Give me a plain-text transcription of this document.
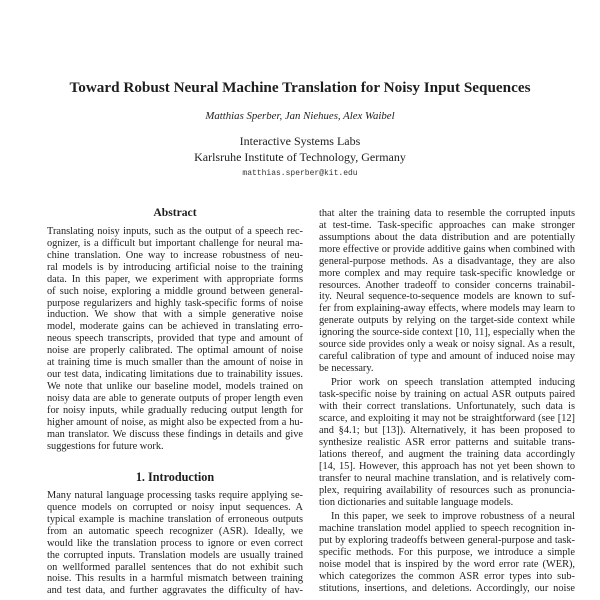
Toward Robust Neural Machine Translation for Noisy Input Sequences
Matthias Sperber, Jan Niehues, Alex Waibel
Interactive Systems Labs
Karlsruhe Institute of Technology, Germany
matthias.sperber@kit.edu
Abstract
Translating noisy inputs, such as the output of a speech rec-
ognizer, is a difficult but important challenge for neural ma-
chine translation. One way to increase robustness of neu-
ral models is by introducing artificial noise to the training
data. In this paper, we experiment with appropriate forms
of such noise, exploring a middle ground between general-
purpose regularizers and highly task-specific forms of noise
induction. We show that with a simple generative noise
model, moderate gains can be achieved in translating erro-
neous speech transcripts, provided that type and amount of
noise are properly calibrated. The optimal amount of noise
at training time is much smaller than the amount of noise in
our test data, indicating limitations due to trainability issues.
We note that unlike our baseline model, models trained on
noisy data are able to generate outputs of proper length even
for noisy inputs, while gradually reducing output length for
higher amount of noise, as might also be expected from a hu-
man translator. We discuss these findings in details and give
suggestions for future work.
1. Introduction
Many natural language processing tasks require applying se-
quence models on corrupted or noisy input sequences. A
typical example is machine translation of erroneous outputs
from an automatic speech recognizer (ASR). Ideally, we
would like the translation process to ignore or even correct
the corrupted inputs. Translation models are usually trained
on wellformed parallel sentences that do not exhibit such
noise. This results in a harmful mismatch between training
and test data, and further aggravates the difficulty of hav-
that alter the training data to resemble the corrupted inputs
at test-time. Task-specific approaches can make stronger
assumptions about the data distribution and are potentially
more effective or provide additive gains when combined with
general-purpose methods. As a disadvantage, they are also
more complex and may require task-specific knowledge or
resources. Another tradeoff to consider concerns trainabil-
ity. Neural sequence-to-sequence models are known to suf-
fer from explaining-away effects, where models may learn to
generate outputs by relying on the target-side context while
ignoring the source-side context [10, 11], especially when the
source side provides only a weak or noisy signal. As a result,
careful calibration of type and amount of induced noise may
be necessary.
Prior work on speech translation attempted inducing
task-specific noise by training on actual ASR outputs paired
with their correct translations. Unfortunately, such data is
scarce, and exploiting it may not be straightforward (see [12]
and §4.1; but [13]). Alternatively, it has been proposed to
synthesize realistic ASR error patterns and suitable trans-
lations thereof, and augment the training data accordingly
[14, 15]. However, this approach has not yet been shown to
transfer to neural machine translation, and is relatively com-
plex, requiring availability of resources such as pronuncia-
tion dictionaries and suitable language models.
In this paper, we seek to improve robustness of a neural
machine translation model applied to speech recognition in-
put by exploring tradeoffs between general-purpose and task-
specific methods. For this purpose, we introduce a simple
noise model that is inspired by the word error rate (WER),
which categorizes the common ASR error types into sub-
stitutions, insertions, and deletions. Accordingly, our noise
